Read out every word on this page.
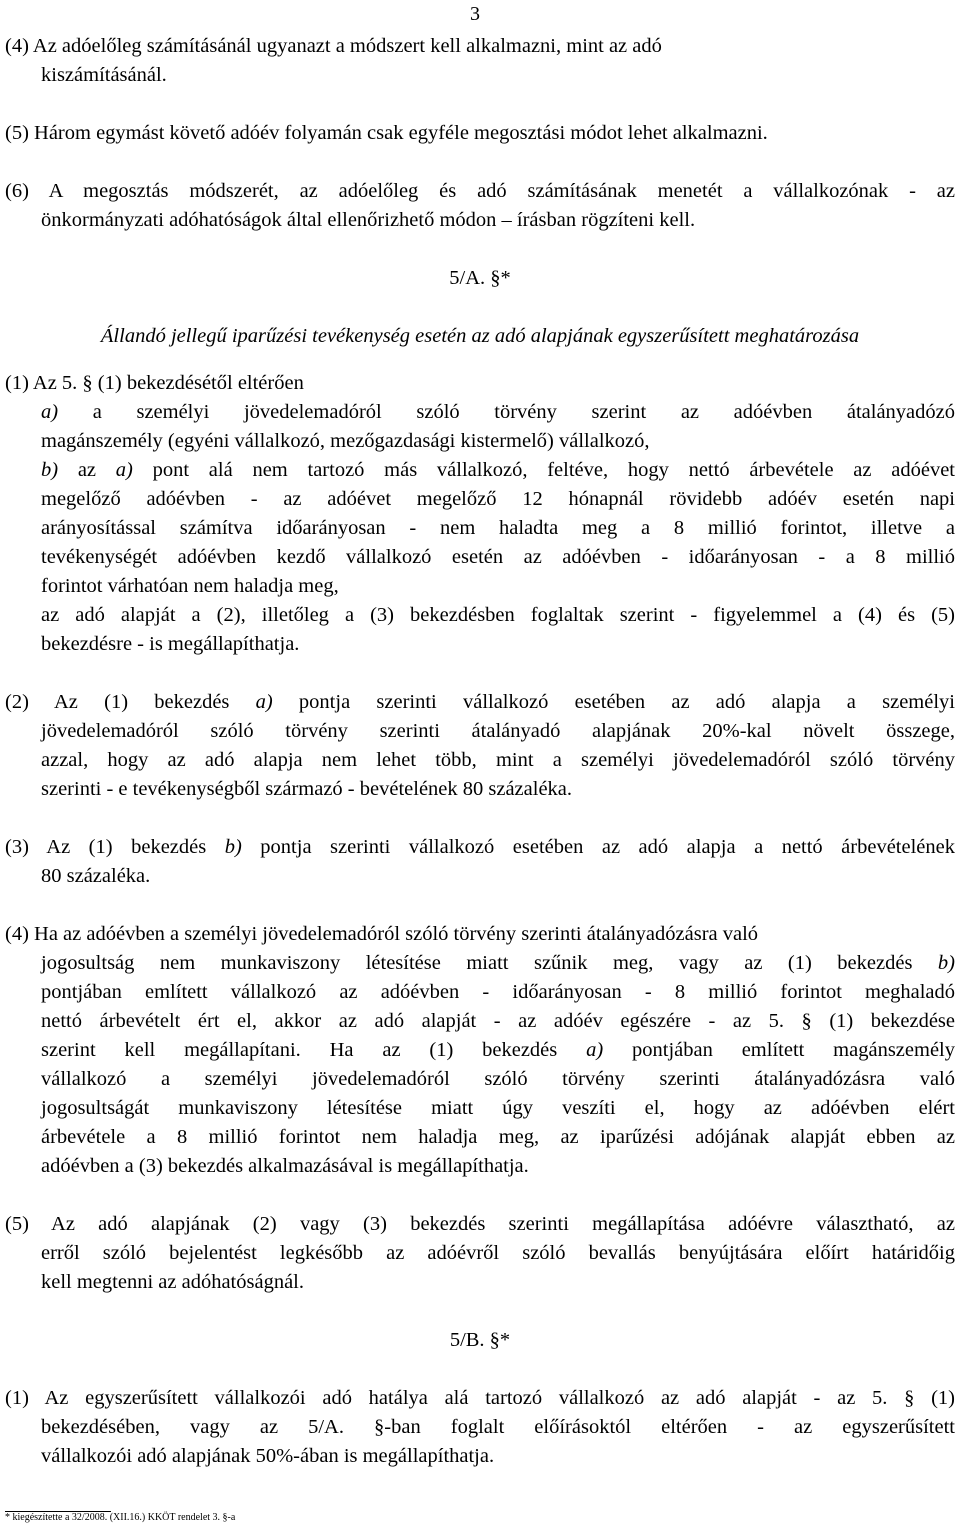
3
(4) Az adóelőleg számításánál ugyanazt a módszert kell alkalmazni, mint az adó
kiszámításánál.
(5) Három egymást követő adóév folyamán csak egyféle megosztási módot lehet alkalmazni.
(6) A megosztás módszerét, az adóelőleg és adó számításának menetét a vállalkozónak - az
önkormányzati adóhatóságok által ellenőrizhető módon – írásban rögzíteni kell.
5/A. §*
Állandó jellegű iparűzési tevékenység esetén az adó alapjának egyszerűsített meghatározása
(1) Az 5. § (1) bekezdésétől eltérően
a) a személyi jövedelemadóról szóló törvény szerint az adóévben átalányadózó
magánszemély (egyéni vállalkozó, mezőgazdasági kistermelő) vállalkozó,
b) az a) pont alá nem tartozó más vállalkozó, feltéve, hogy nettó árbevétele az adóévet
megelőző adóévben - az adóévet megelőző 12 hónapnál rövidebb adóév esetén napi
arányosítással számítva időarányosan - nem haladta meg a 8 millió forintot, illetve a
tevékenységét adóévben kezdő vállalkozó esetén az adóévben - időarányosan - a 8 millió
forintot várhatóan nem haladja meg,
az adó alapját a (2), illetőleg a (3) bekezdésben foglaltak szerint - figyelemmel a (4) és (5)
bekezdésre - is megállapíthatja.
(2) Az (1) bekezdés a) pontja szerinti vállalkozó esetében az adó alapja a személyi
jövedelemadóról szóló törvény szerinti átalányadó alapjának 20%-kal növelt összege,
azzal, hogy az adó alapja nem lehet több, mint a személyi jövedelemadóról szóló törvény
szerinti - e tevékenységből származó - bevételének 80 százaléka.
(3) Az (1) bekezdés b) pontja szerinti vállalkozó esetében az adó alapja a nettó árbevételének
80 százaléka.
(4) Ha az adóévben a személyi jövedelemadóról szóló törvény szerinti átalányadózásra való
jogosultság nem munkaviszony létesítése miatt szűnik meg, vagy az (1) bekezdés b)
pontjában említett vállalkozó az adóévben - időarányosan - 8 millió forintot meghaladó
nettó árbevételt ért el, akkor az adó alapját - az adóév egészére - az 5. § (1) bekezdése
szerint kell megállapítani. Ha az (1) bekezdés a) pontjában említett magánszemély
vállalkozó a személyi jövedelemadóról szóló törvény szerinti átalányadózásra való
jogosultságát munkaviszony létesítése miatt úgy veszíti el, hogy az adóévben elért
árbevétele a 8 millió forintot nem haladja meg, az iparűzési adójának alapját ebben az
adóévben a (3) bekezdés alkalmazásával is megállapíthatja.
(5) Az adó alapjának (2) vagy (3) bekezdés szerinti megállapítása adóévre választható, az
erről szóló bejelentést legkésőbb az adóévről szóló bevallás benyújtására előírt határidőig
kell megtenni az adóhatóságnál.
5/B. §*
(1) Az egyszerűsített vállalkozói adó hatálya alá tartozó vállalkozó az adó alapját - az 5. § (1)
bekezdésében, vagy az 5/A. §-ban foglalt előírásoktól eltérően - az egyszerűsített
vállalkozói adó alapjának 50%-ában is megállapíthatja.
* kiegészítette a 32/2008. (XII.16.) KKÖT rendelet 3. §-a
